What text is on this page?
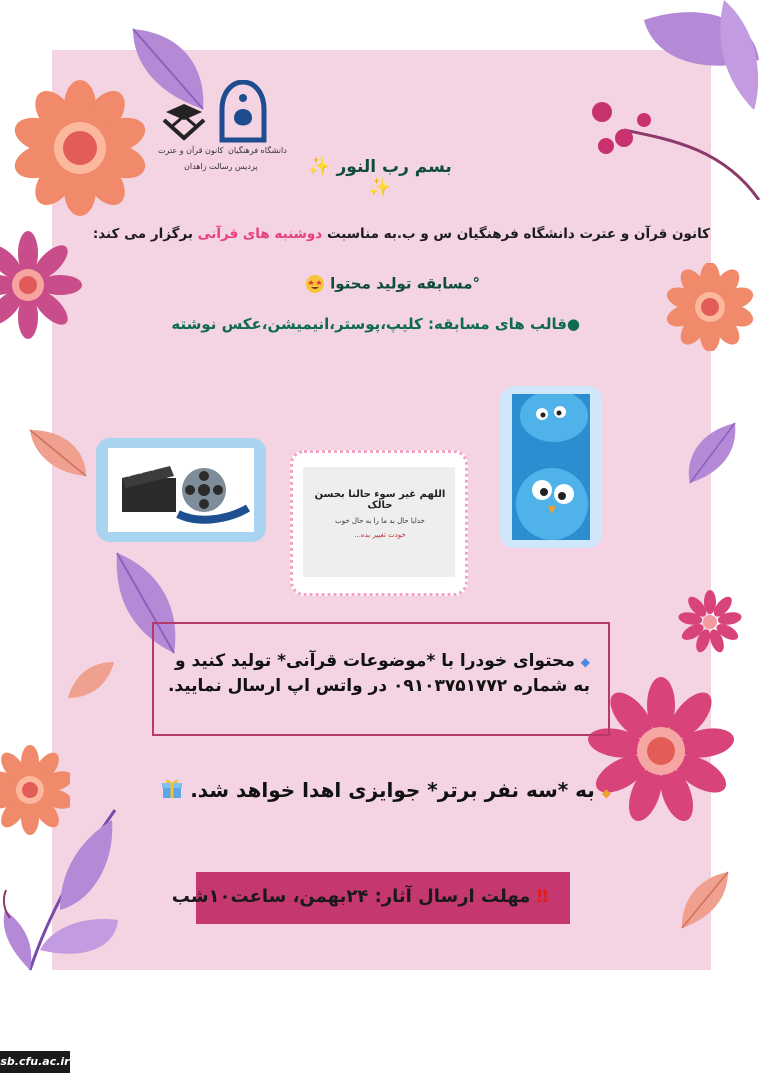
کانون قرآن و عترت دانشگاه فرهنگیان
پردیس رسالت زاهدان	✨ بسم رب النور ✨
کانون قرآن و عترت دانشگاه فرهنگیان س و ب.به مناسبت دوشنبه های قرآنی برگزار می کند:
°مسابقه تولید محتوا
●قالب های مسابقه: کلیپ،پوستر،انیمیشن،عکس نوشته
اللهم غیر سوء حالنا بحسن حالک
خدایا حال بد ما را به حال خوب
خودت تغییر بده...
◆ محتوای خودرا با *موضوعات قرآنی* تولید کنید و
به شماره ۰۹۱۰۳۷۵۱۷۷۲ در واتس اپ ارسال نمایید.
◆ به *سه نفر برتر* جوایزی اهدا خواهد شد.
‼ مهلت ارسال آثار: ۲۴بهمن، ساعت۱۰شب
sb.cfu.ac.ir
